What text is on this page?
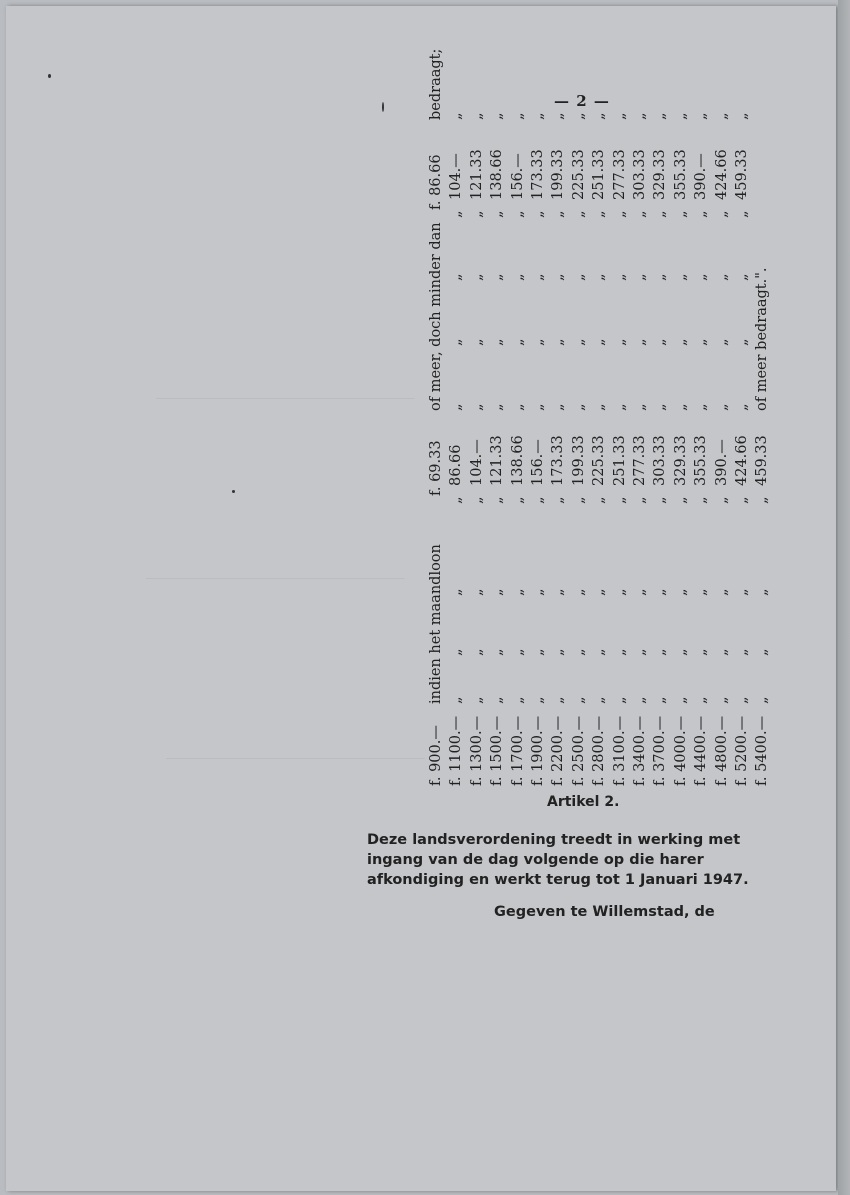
_______________________________________________
_______________________________________________
_______________________________________________
— 2 —
f. 900.—
indien het maandloon
f. 69.33
of meer, doch minder dan
f. 86.66
bedraagt;
f. 1100.—
„
„
„
„
86.66
„
„
„
„
104.—
„
f. 1300.—
„
„
„
„
104.—
„
„
„
„
121.33
„
f. 1500.—
„
„
„
„
121.33
„
„
„
„
138.66
„
f. 1700.—
„
„
„
„
138.66
„
„
„
„
156.—
„
f. 1900.—
„
„
„
„
156.—
„
„
„
„
173.33
„
f. 2200.—
„
„
„
„
173.33
„
„
„
„
199.33
„
f. 2500.—
„
„
„
„
199.33
„
„
„
„
225.33
„
f. 2800.—
„
„
„
„
225.33
„
„
„
„
251.33
„
f. 3100.—
„
„
„
„
251.33
„
„
„
„
277.33
„
f. 3400.—
„
„
„
„
277.33
„
„
„
„
303.33
„
f. 3700.—
„
„
„
„
303.33
„
„
„
„
329.33
„
f. 4000.—
„
„
„
„
329.33
„
„
„
„
355.33
„
f. 4400.—
„
„
„
„
355.33
„
„
„
„
390.—
„
f. 4800.—
„
„
„
„
390.—
„
„
„
„
424.66
„
f. 5200.—
„
„
„
„
424.66
„
„
„
„
459.33
„
f. 5400.—
„
„
„
„
459.33
of meer bedraagt.".
Artikel 2.

Deze landsverordening treedt in werking met ingang van de dag volgende op die harer afkondiging en werkt terug tot 1 Januari 1947.

Gegeven te Willemstad, de
